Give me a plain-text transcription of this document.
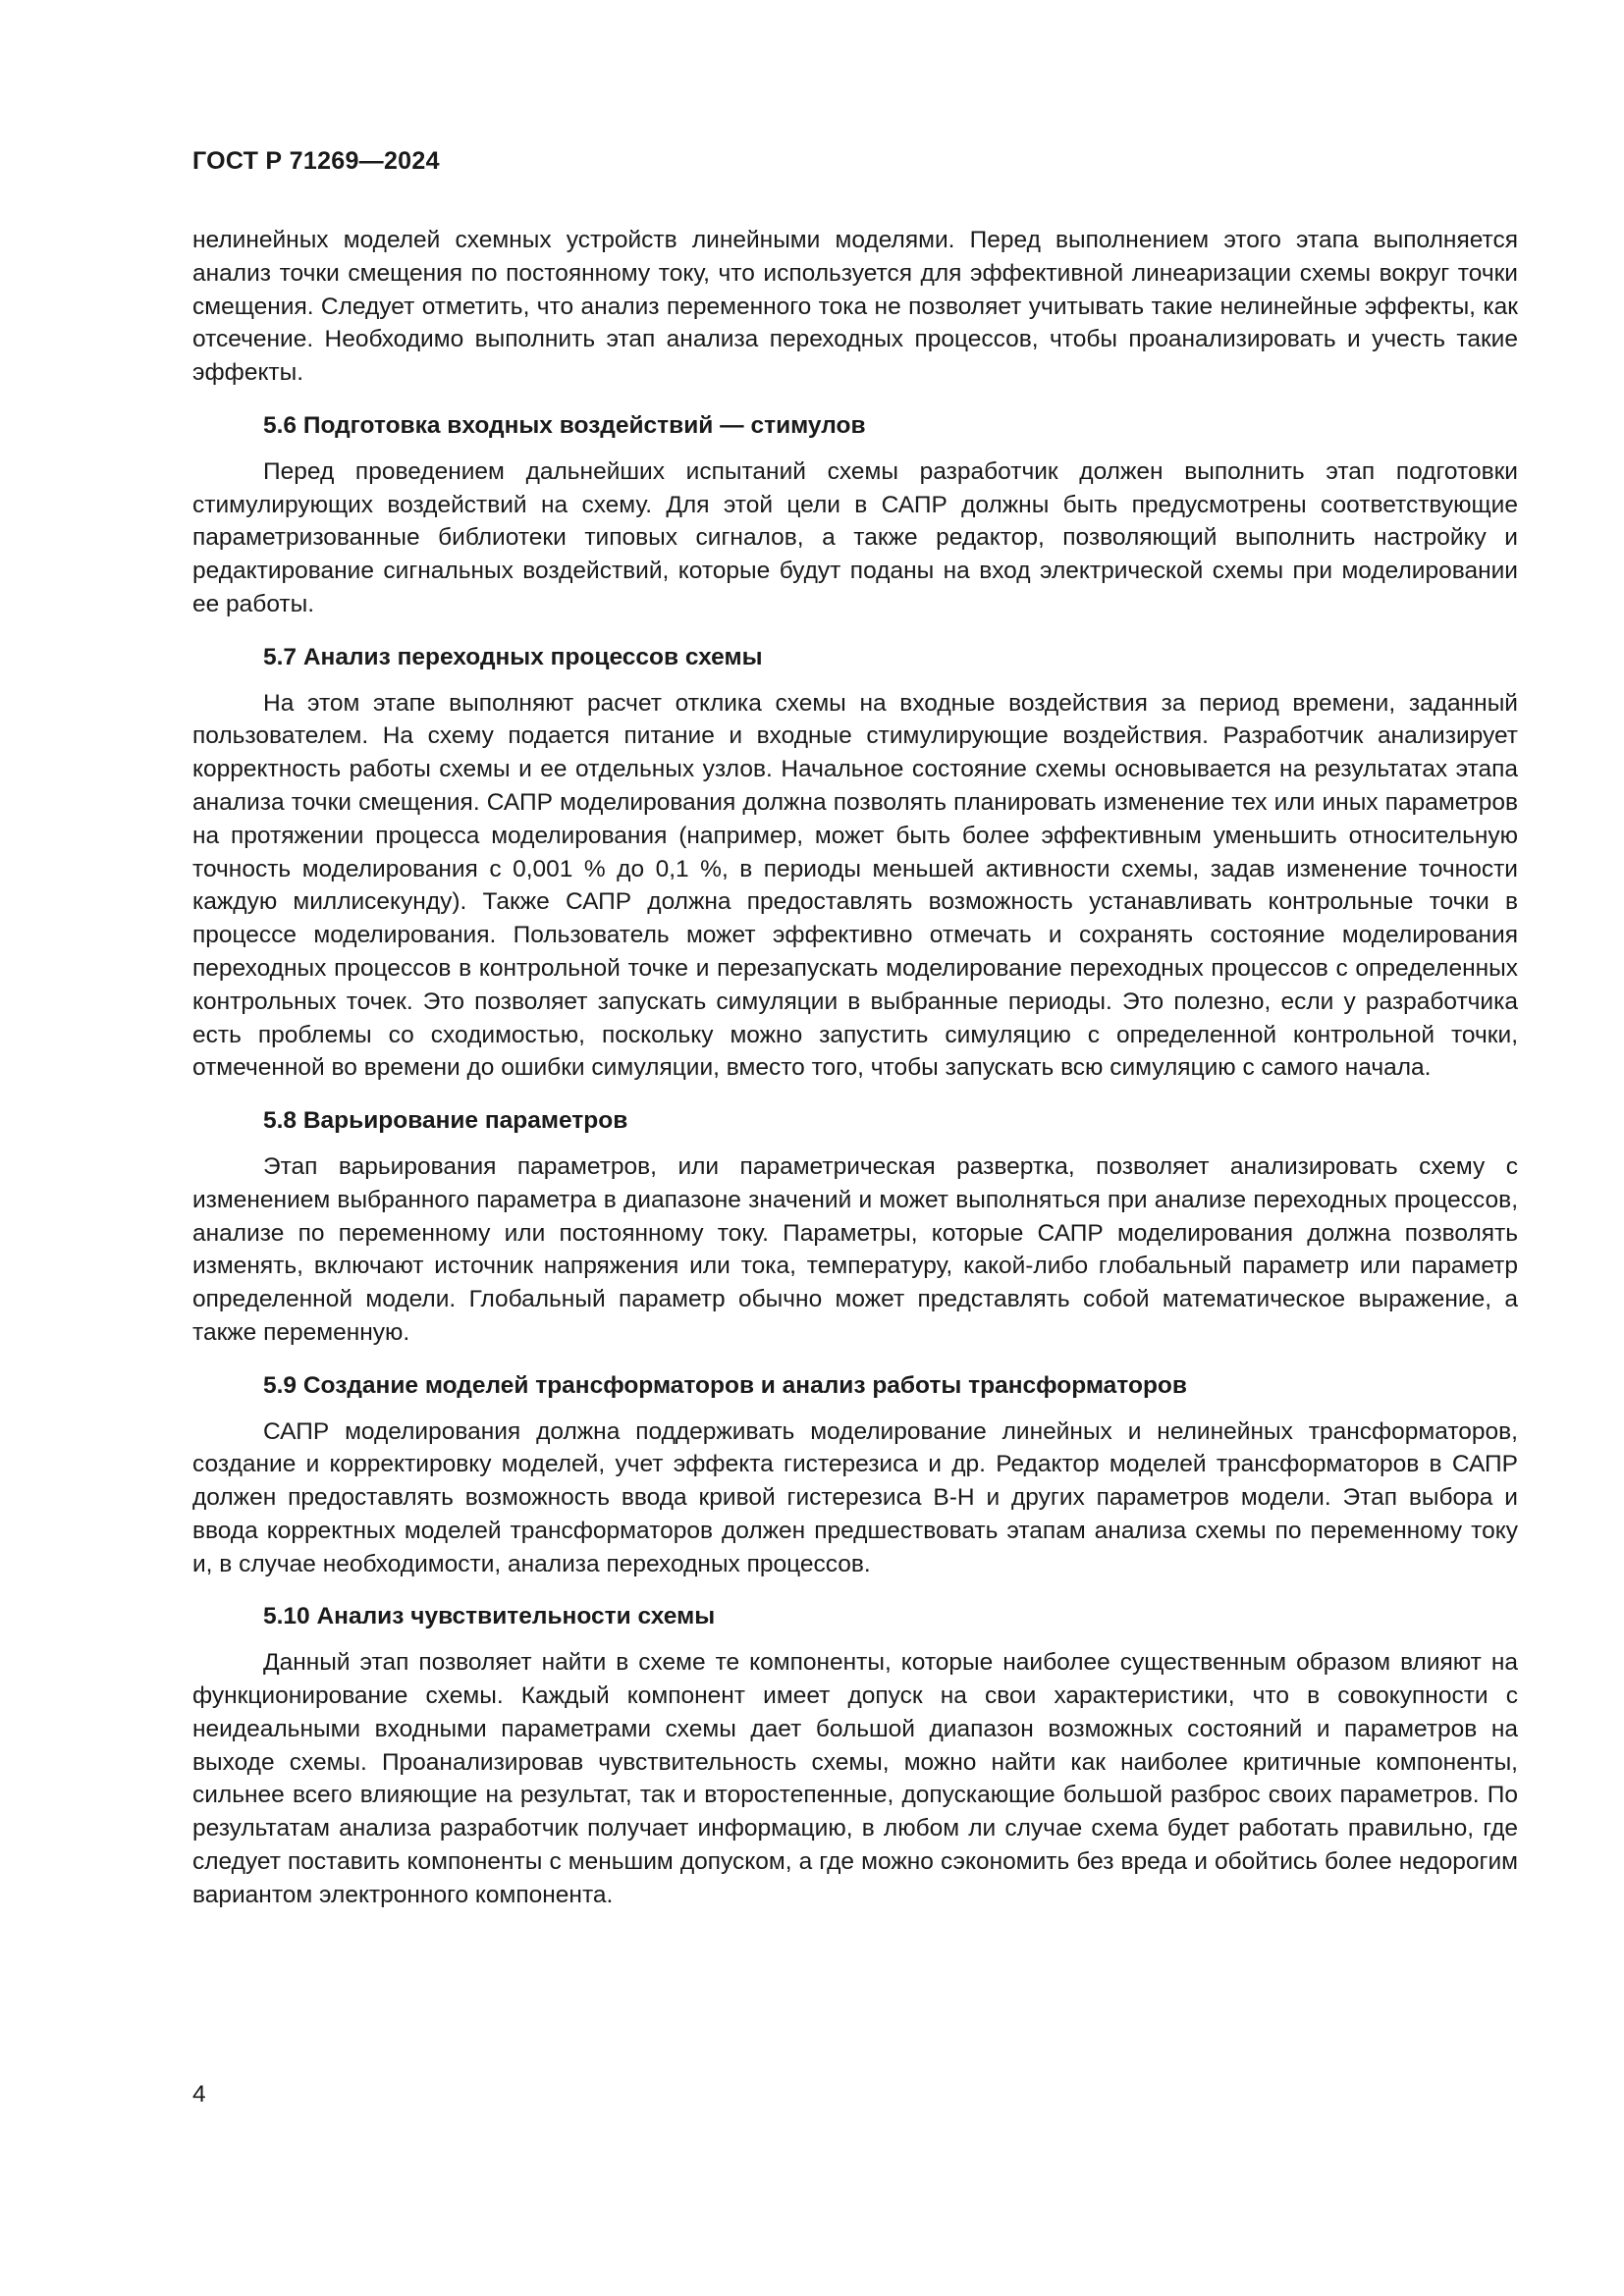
ГОСТ Р 71269—2024

нелинейных моделей схемных устройств линейными моделями. Перед выполнением этого этапа выполняется анализ точки смещения по постоянному току, что используется для эффективной линеаризации схемы вокруг точки смещения. Следует отметить, что анализ переменного тока не позволяет учитывать такие нелинейные эффекты, как отсечение. Необходимо выполнить этап анализа переходных процессов, чтобы проанализировать и учесть такие эффекты.

5.6 Подготовка входных воздействий — стимулов

Перед проведением дальнейших испытаний схемы разработчик должен выполнить этап подготовки стимулирующих воздействий на схему. Для этой цели в САПР должны быть предусмотрены соответствующие параметризованные библиотеки типовых сигналов, а также редактор, позволяющий выполнить настройку и редактирование сигнальных воздействий, которые будут поданы на вход электрической схемы при моделировании ее работы.

5.7 Анализ переходных процессов схемы

На этом этапе выполняют расчет отклика схемы на входные воздействия за период времени, заданный пользователем. На схему подается питание и входные стимулирующие воздействия. Разработчик анализирует корректность работы схемы и ее отдельных узлов. Начальное состояние схемы основывается на результатах этапа анализа точки смещения. САПР моделирования должна позволять планировать изменение тех или иных параметров на протяжении процесса моделирования (например, может быть более эффективным уменьшить относительную точность моделирования с 0,001 % до 0,1 %, в периоды меньшей активности схемы, задав изменение точности каждую миллисекунду). Также САПР должна предоставлять возможность устанавливать контрольные точки в процессе моделирования. Пользователь может эффективно отмечать и сохранять состояние моделирования переходных процессов в контрольной точке и перезапускать моделирование переходных процессов с определенных контрольных точек. Это позволяет запускать симуляции в выбранные периоды. Это полезно, если у разработчика есть проблемы со сходимостью, поскольку можно запустить симуляцию с определенной контрольной точки, отмеченной во времени до ошибки симуляции, вместо того, чтобы запускать всю симуляцию с самого начала.

5.8 Варьирование параметров

Этап варьирования параметров, или параметрическая развертка, позволяет анализировать схему с изменением выбранного параметра в диапазоне значений и может выполняться при анализе переходных процессов, анализе по переменному или постоянному току. Параметры, которые САПР моделирования должна позволять изменять, включают источник напряжения или тока, температуру, какой-либо глобальный параметр или параметр определенной модели. Глобальный параметр обычно может представлять собой математическое выражение, а также переменную.

5.9 Создание моделей трансформаторов и анализ работы трансформаторов

САПР моделирования должна поддерживать моделирование линейных и нелинейных трансформаторов, создание и корректировку моделей, учет эффекта гистерезиса и др. Редактор моделей трансформаторов в САПР должен предоставлять возможность ввода кривой гистерезиса B-H и других параметров модели. Этап выбора и ввода корректных моделей трансформаторов должен предшествовать этапам анализа схемы по переменному току и, в случае необходимости, анализа переходных процессов.

5.10 Анализ чувствительности схемы

Данный этап позволяет найти в схеме те компоненты, которые наиболее существенным образом влияют на функционирование схемы. Каждый компонент имеет допуск на свои характеристики, что в совокупности с неидеальными входными параметрами схемы дает большой диапазон возможных состояний и параметров на выходе схемы. Проанализировав чувствительность схемы, можно найти как наиболее критичные компоненты, сильнее всего влияющие на результат, так и второстепенные, допускающие большой разброс своих параметров. По результатам анализа разработчик получает информацию, в любом ли случае схема будет работать правильно, где следует поставить компоненты с меньшим допуском, а где можно сэкономить без вреда и обойтись более недорогим вариантом электронного компонента.

4
